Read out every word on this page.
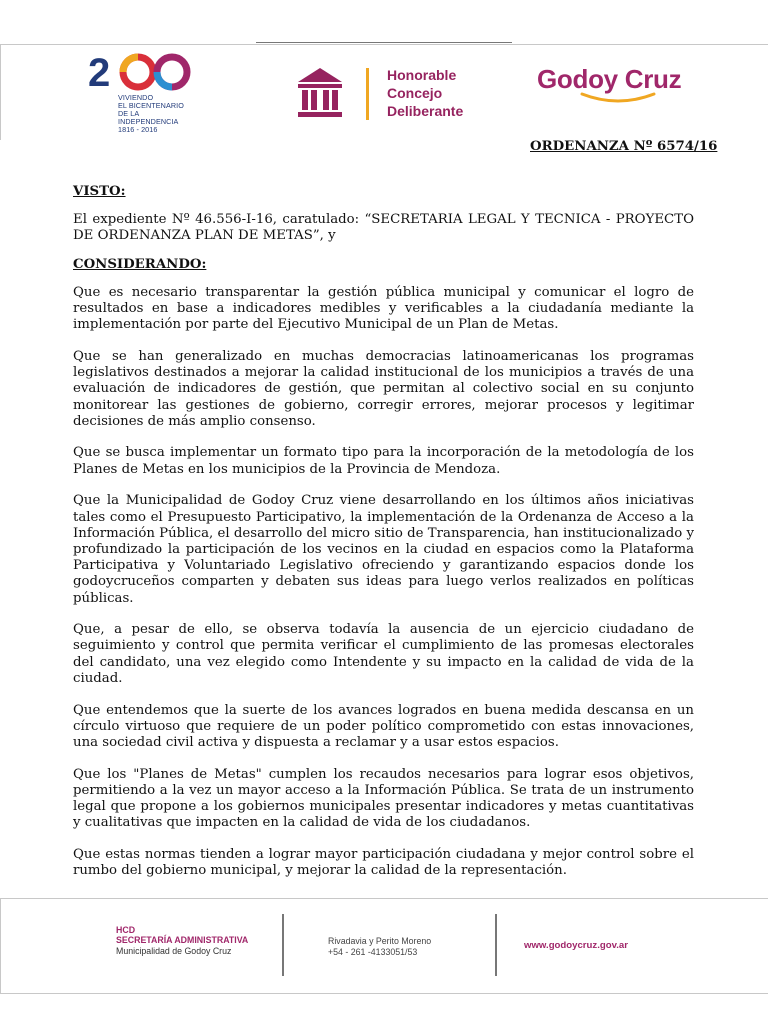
2
VIVIENDO
EL BICENTENARIO
DE LA
INDEPENDENCIA
1816 - 2016
Honorable
Concejo
Deliberante
Godoy Cruz
ORDENANZA Nº 6574/16

VISTO:

El expediente Nº 46.556-I-16, caratulado: “SECRETARIA LEGAL Y TECNICA - PROYECTO DE ORDENANZA PLAN DE METAS”, y

CONSIDERANDO:

Que es necesario transparentar la gestión pública municipal y comunicar el logro de resultados en base a indicadores medibles y verificables a la ciudadanía mediante la implementación por parte del Ejecutivo Municipal de un Plan de Metas.

Que se han generalizado en muchas democracias latinoamericanas los programas legislativos destinados a mejorar la calidad institucional de los municipios a través de una evaluación de indicadores de gestión, que permitan al colectivo social en su conjunto monitorear las gestiones de gobierno, corregir errores, mejorar procesos y legitimar decisiones de más amplio consenso.

Que se busca implementar un formato tipo para la incorporación de la metodología de los Planes de Metas en los municipios de la Provincia de Mendoza.

Que la Municipalidad de Godoy Cruz viene desarrollando en los últimos años iniciativas tales como el Presupuesto Participativo, la implementación de la Ordenanza de Acceso a la Información Pública, el desarrollo del micro sitio de Transparencia, han institucionalizado y profundizado la participación de los vecinos en la ciudad en espacios como la Plataforma Participativa y Voluntariado Legislativo ofreciendo y garantizando espacios donde los godoycruceños comparten y debaten sus ideas para luego verlos realizados en políticas públicas.

Que, a pesar de ello, se observa todavía la ausencia de un ejercicio ciudadano de seguimiento y control que permita verificar el cumplimiento de las promesas electorales del candidato, una vez elegido como Intendente y su impacto en la calidad de vida de la ciudad.

Que entendemos que la suerte de los avances logrados en buena medida descansa en un círculo virtuoso que requiere de un poder político comprometido con estas innovaciones, una sociedad civil activa y dispuesta a reclamar y a usar estos espacios.

Que los "Planes de Metas" cumplen los recaudos necesarios para lograr esos objetivos, permitiendo a la vez un mayor acceso a la Información Pública. Se trata de un instrumento legal que propone a los gobiernos municipales presentar indicadores y metas cuantitativas y cualitativas que impacten en la calidad de vida de los ciudadanos.

Que estas normas tienden a lograr mayor participación ciudadana y mejor control sobre el rumbo del gobierno municipal, y mejorar la calidad de la representación.

HCD
SECRETARÍA ADMINISTRATIVA
Municipalidad de Godoy Cruz
Rivadavia y Perito Moreno
+54 - 261 -4133051/53
www.godoycruz.gov.ar
